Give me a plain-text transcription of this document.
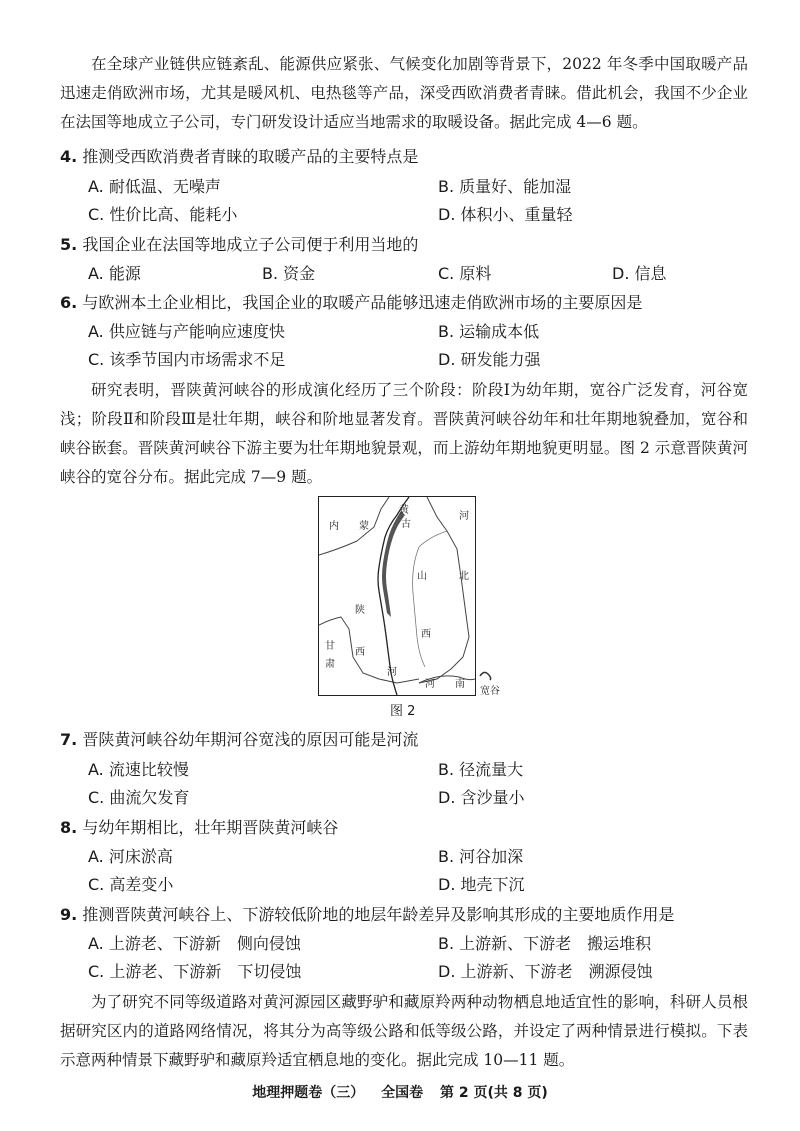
在全球产业链供应链紊乱、能源供应紧张、气候变化加剧等背景下，2022 年冬季中国取暖产品迅速走俏欧洲市场，尤其是暖风机、电热毯等产品，深受西欧消费者青睐。借此机会，我国不少企业在法国等地成立子公司，专门研发设计适应当地需求的取暖设备。据此完成 4—6 题。

4. 推测受西欧消费者青睐的取暖产品的主要特点是

A. 耐低温、无噪声	B. 质量好、能加湿
C. 性价比高、能耗小	D. 体积小、重量轻

5. 我国企业在法国等地成立子公司便于利用当地的

A. 能源	B. 资金	C. 原料	D. 信息

6. 与欧洲本土企业相比，我国企业的取暖产品能够迅速走俏欧洲市场的主要原因是

A. 供应链与产能响应速度快	B. 运输成本低
C. 该季节国内市场需求不足	D. 研发能力强

研究表明，晋陕黄河峡谷的形成演化经历了三个阶段：阶段Ⅰ为幼年期，宽谷广泛发育，河谷宽浅；阶段Ⅱ和阶段Ⅲ是壮年期，峡谷和阶地显著发育。晋陕黄河峡谷幼年和壮年期地貌叠加，宽谷和峡谷嵌套。晋陕黄河峡谷下游主要为壮年期地貌景观，而上游幼年期地貌更明显。图 2 示意晋陕黄河峡谷的宽谷分布。据此完成 7—9 题。

内 蒙	古
黄
河
山	北
陕
西
西
河
甘
肃
河 南
宽谷
图 2

7. 晋陕黄河峡谷幼年期河谷宽浅的原因可能是河流

A. 流速比较慢	B. 径流量大
C. 曲流欠发育	D. 含沙量小

8. 与幼年期相比，壮年期晋陕黄河峡谷

A. 河床淤高	B. 河谷加深
C. 高差变小	D. 地壳下沉

9. 推测晋陕黄河峡谷上、下游较低阶地的地层年龄差异及影响其形成的主要地质作用是

A. 上游老、下游新　侧向侵蚀	B. 上游新、下游老　搬运堆积
C. 上游老、下游新　下切侵蚀	D. 上游新、下游老　溯源侵蚀

为了研究不同等级道路对黄河源园区藏野驴和藏原羚两种动物栖息地适宜性的影响，科研人员根据研究区内的道路网络情况，将其分为高等级公路和低等级公路，并设定了两种情景进行模拟。下表示意两种情景下藏野驴和藏原羚适宜栖息地的变化。据此完成 10—11 题。

地理押题卷（三） 全国卷 第 2 页(共 8 页)
